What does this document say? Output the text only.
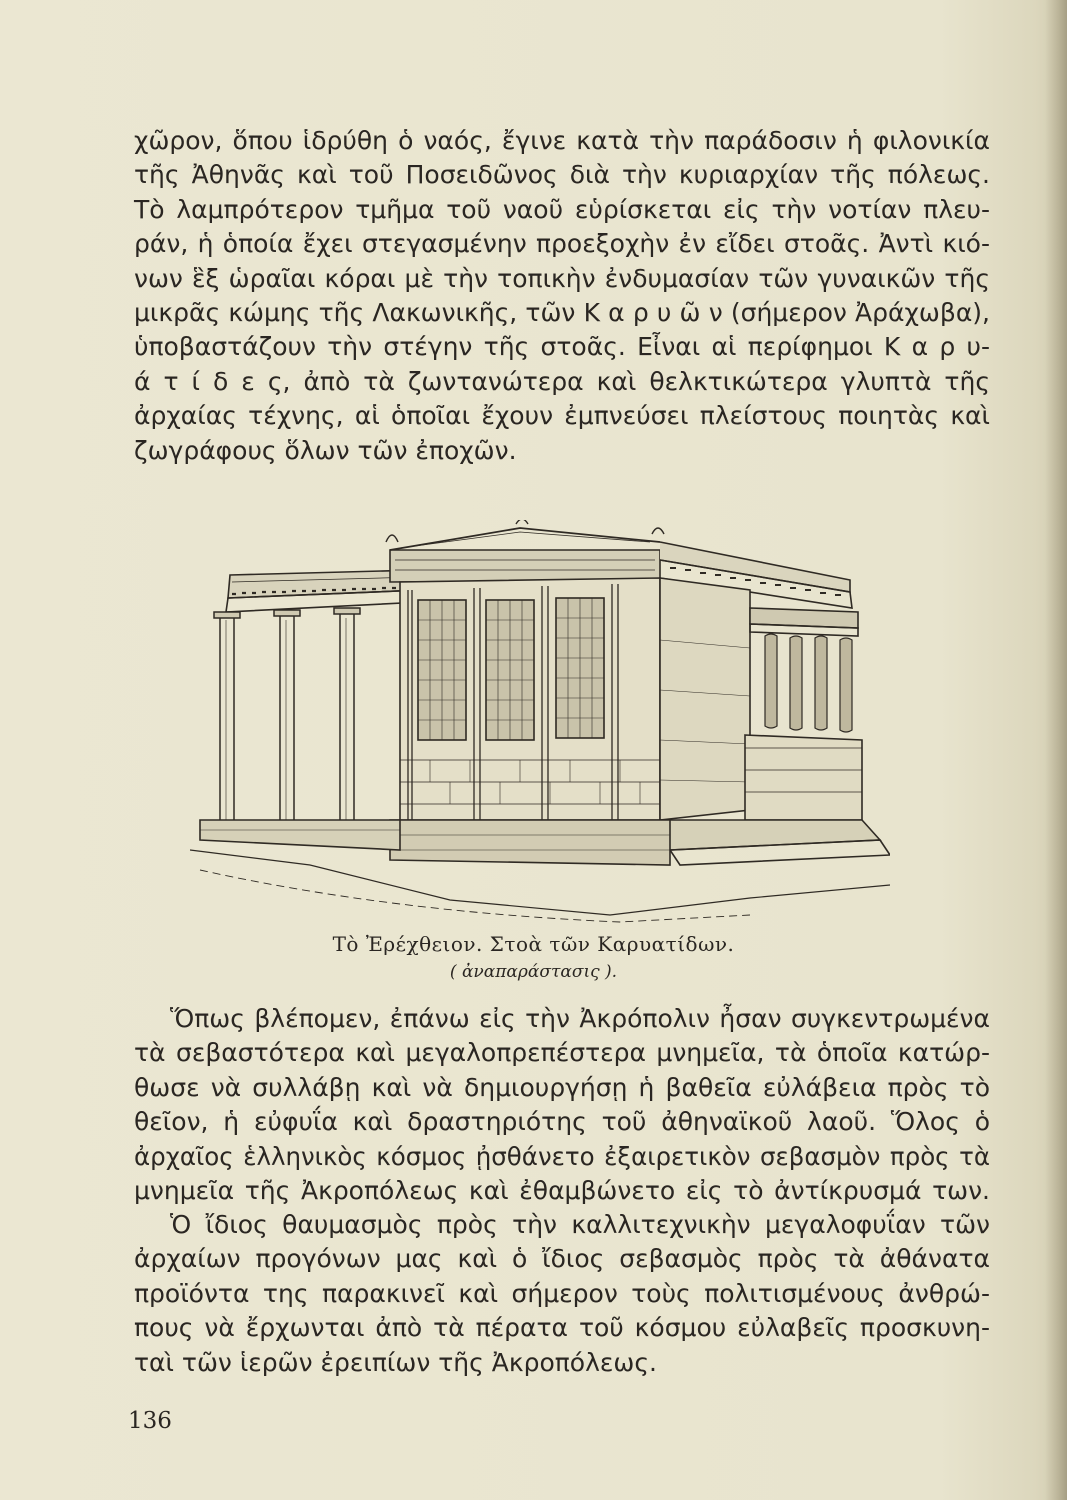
χῶρον, ὅπου ἱδρύθη ὁ ναός, ἔγινε κατὰ τὴν παράδοσιν ἡ φιλονικία
τῆς Ἀθηνᾶς καὶ τοῦ Ποσειδῶνος διὰ τὴν κυριαρχίαν τῆς πόλεως.
Τὸ λαμπρότερον τμῆμα τοῦ ναοῦ εὑρίσκεται εἰς τὴν νοτίαν πλευ-
ράν, ἡ ὁποία ἔχει στεγασμένην προεξοχὴν ἐν εἴδει στοᾶς. Ἀντὶ κιό-
νων ἓξ ὡραῖαι κόραι μὲ τὴν τοπικὴν ἐνδυμασίαν τῶν γυναικῶν τῆς
μικρᾶς κώμης τῆς Λακωνικῆς, τῶν Κ α ρ υ ῶ ν (σήμερον Ἀράχωβα),
ὑποβαστάζουν τὴν στέγην τῆς στοᾶς. Εἶναι αἱ περίφημοι Κ α ρ υ-
ά τ ί δ ε ς, ἀπὸ τὰ ζωντανώτερα καὶ θελκτικώτερα γλυπτὰ τῆς
ἀρχαίας τέχνης, αἱ ὁποῖαι ἔχουν ἐμπνεύσει πλείστους ποιητὰς καὶ
ζωγράφους ὅλων τῶν ἐποχῶν.

Τὸ Ἐρέχθειον. Στοὰ τῶν Καρυατίδων.
( ἀναπαράστασις ).

Ὅπως βλέπομεν, ἐπάνω εἰς τὴν Ἀκρόπολιν ἦσαν συγκεντρωμένα
τὰ σεβαστότερα καὶ μεγαλοπρεπέστερα μνημεῖα, τὰ ὁποῖα κατώρ-
θωσε νὰ συλλάβῃ καὶ νὰ δημιουργήσῃ ἡ βαθεῖα εὐλάβεια πρὸς τὸ
θεῖον, ἡ εὐφυΐα καὶ δραστηριότης τοῦ ἀθηναϊκοῦ λαοῦ. Ὅλος ὁ
ἀρχαῖος ἑλληνικὸς κόσμος ᾐσθάνετο ἐξαιρετικὸν σεβασμὸν πρὸς τὰ
μνημεῖα τῆς Ἀκροπόλεως καὶ ἐθαμβώνετο εἰς τὸ ἀντίκρυσμά των.

Ὁ ἴδιος θαυμασμὸς πρὸς τὴν καλλιτεχνικὴν μεγαλοφυΐαν τῶν
ἀρχαίων προγόνων μας καὶ ὁ ἴδιος σεβασμὸς πρὸς τὰ ἀθάνατα
προϊόντα της παρακινεῖ καὶ σήμερον τοὺς πολιτισμένους ἀνθρώ-
πους νὰ ἔρχωνται ἀπὸ τὰ πέρατα τοῦ κόσμου εὐλαβεῖς προσκυνη-
ταὶ τῶν ἱερῶν ἐρειπίων τῆς Ἀκροπόλεως.

136
